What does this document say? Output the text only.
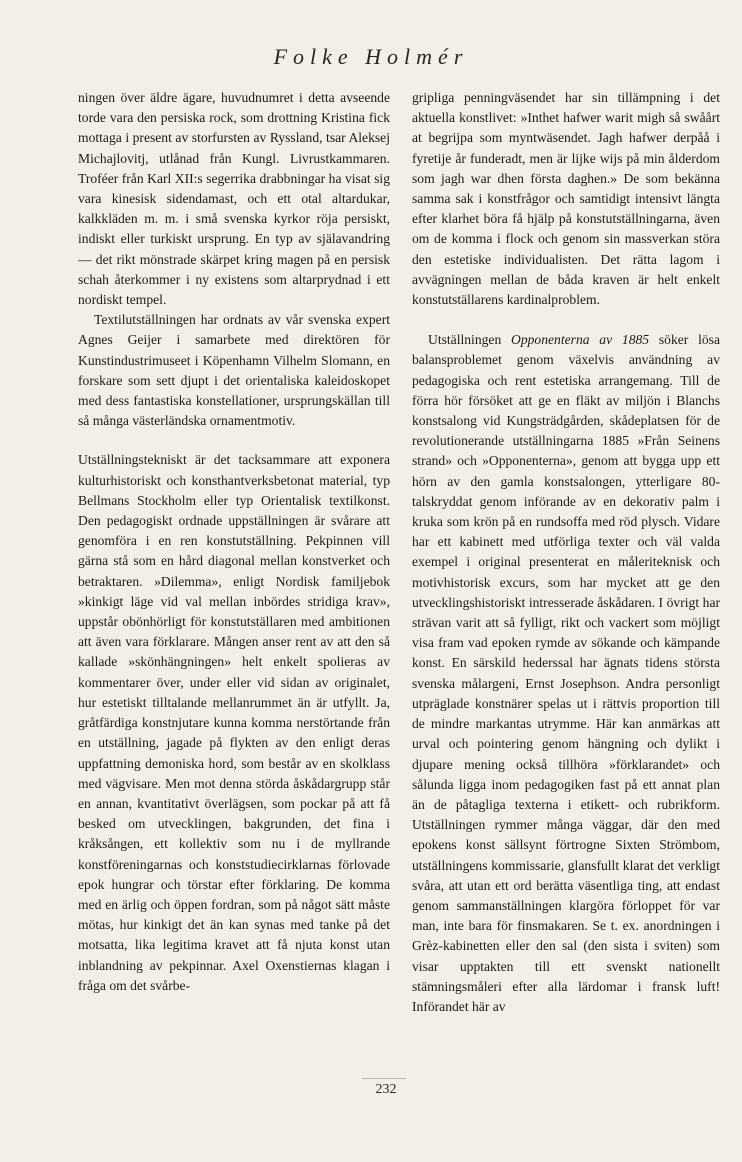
Folke Holmér

ningen över äldre ägare, huvudnumret i detta avseende torde vara den persiska rock, som drottning Kristina fick mottaga i present av storfursten av Ryssland, tsar Aleksej Michajlovitj, utlånad från Kungl. Livrustkammaren. Troféer från Karl XII:s segerrika drabbningar ha visat sig vara kinesisk sidendamast, och ett otal altardukar, kalkkläden m. m. i små svenska kyrkor röja persiskt, indiskt eller turkiskt ursprung. En typ av själavandring — det rikt mönstrade skärpet kring magen på en persisk schah återkommer i ny existens som altarprydnad i ett nordiskt tempel.

Textilutställningen har ordnats av vår svenska expert Agnes Geijer i samarbete med direktören för Kunstindustrimuseet i Köpenhamn Vilhelm Slomann, en forskare som sett djupt i det orientaliska kaleidoskopet med dess fantastiska konstellationer, ursprungskällan till så många västerländska ornamentmotiv.

Utställningstekniskt är det tacksammare att exponera kulturhistoriskt och konsthantverksbetonat material, typ Bellmans Stockholm eller typ Orientalisk textilkonst. Den pedagogiskt ordnade uppställningen är svårare att genomföra i en ren konstutställning. Pekpinnen vill gärna stå som en hård diagonal mellan konstverket och betraktaren. »Dilemma», enligt Nordisk familjebok »kinkigt läge vid val mellan inbördes stridiga krav», uppstår obönhörligt för konstutställaren med ambitionen att även vara förklarare. Mången anser rent av att den så kallade »skönhängningen» helt enkelt spolieras av kommentarer över, under eller vid sidan av originalet, hur estetiskt tilltalande mellanrummet än är utfyllt. Ja, gråtfärdiga konstnjutare kunna komma nerstörtande från en utställning, jagade på flykten av den enligt deras uppfattning demoniska hord, som består av en skolklass med vägvisare. Men mot denna störda åskådargrupp står en annan, kvantitativt överlägsen, som pockar på att få besked om utvecklingen, bakgrunden, det fina i kråksången, ett kollektiv som nu i de myllrande konstföreningarnas och konststudiecirklarnas förlovade epok hungrar och törstar efter förklaring. De komma med en ärlig och öppen fordran, som på något sätt måste mötas, hur kinkigt det än kan synas med tanke på det motsatta, lika legitima kravet att få njuta konst utan inblandning av pekpinnar. Axel Oxenstiernas klagan i fråga om det svårbe-

gripliga penningväsendet har sin tillämpning i det aktuella konstlivet: »Inthet hafwer warit migh så swåårt at begrijpa som myntwäsendet. Jagh hafwer derpåå i fyretije år funderadt, men är lijke wijs på min ålderdom som jagh war dhen första daghen.» De som bekänna samma sak i konstfrågor och samtidigt intensivt längta efter klarhet böra få hjälp på konstutställningarna, även om de komma i flock och genom sin massverkan störa den estetiske individualisten. Det rätta lagom i avvägningen mellan de båda kraven är helt enkelt konstutställarens kardinalproblem.

Utställningen Opponenterna av 1885 söker lösa balansproblemet genom växelvis användning av pedagogiska och rent estetiska arrangemang. Till de förra hör försöket att ge en fläkt av miljön i Blanchs konstsalong vid Kungsträdgården, skådeplatsen för de revolutionerande utställningarna 1885 »Från Seinens strand» och »Opponenterna», genom att bygga upp ett hörn av den gamla konstsalongen, ytterligare 80-talskryddat genom införande av en dekorativ palm i kruka som krön på en rundsoffa med röd plysch. Vidare har ett kabinett med utförliga texter och väl valda exempel i original presenterat en måleriteknisk och motivhistorisk excurs, som har mycket att ge den utvecklingshistoriskt intresserade åskådaren. I övrigt har strävan varit att så fylligt, rikt och vackert som möjligt visa fram vad epoken rymde av sökande och kämpande konst. En särskild hederssal har ägnats tidens största svenska målargeni, Ernst Josephson. Andra personligt utpräglade konstnärer spelas ut i rättvis proportion till de mindre markantas utrymme. Här kan anmärkas att urval och pointering genom hängning och dylikt i djupare mening också tillhöra »förklarandet» och sålunda ligga inom pedagogiken fast på ett annat plan än de påtagliga texterna i etikett- och rubrikform. Utställningen rymmer många väggar, där den med epokens konst sällsynt förtrogne Sixten Strömbom, utställningens kommissarie, glansfullt klarat det verkligt svåra, att utan ett ord berätta väsentliga ting, att endast genom sammanställningen klargöra förloppet för var man, inte bara för finsmakaren. Se t. ex. anordningen i Grèz-kabinetten eller den sal (den sista i sviten) som visar upptakten till ett svenskt nationellt stämningsmåleri efter alla lärdomar i fransk luft! Införandet här av

232
